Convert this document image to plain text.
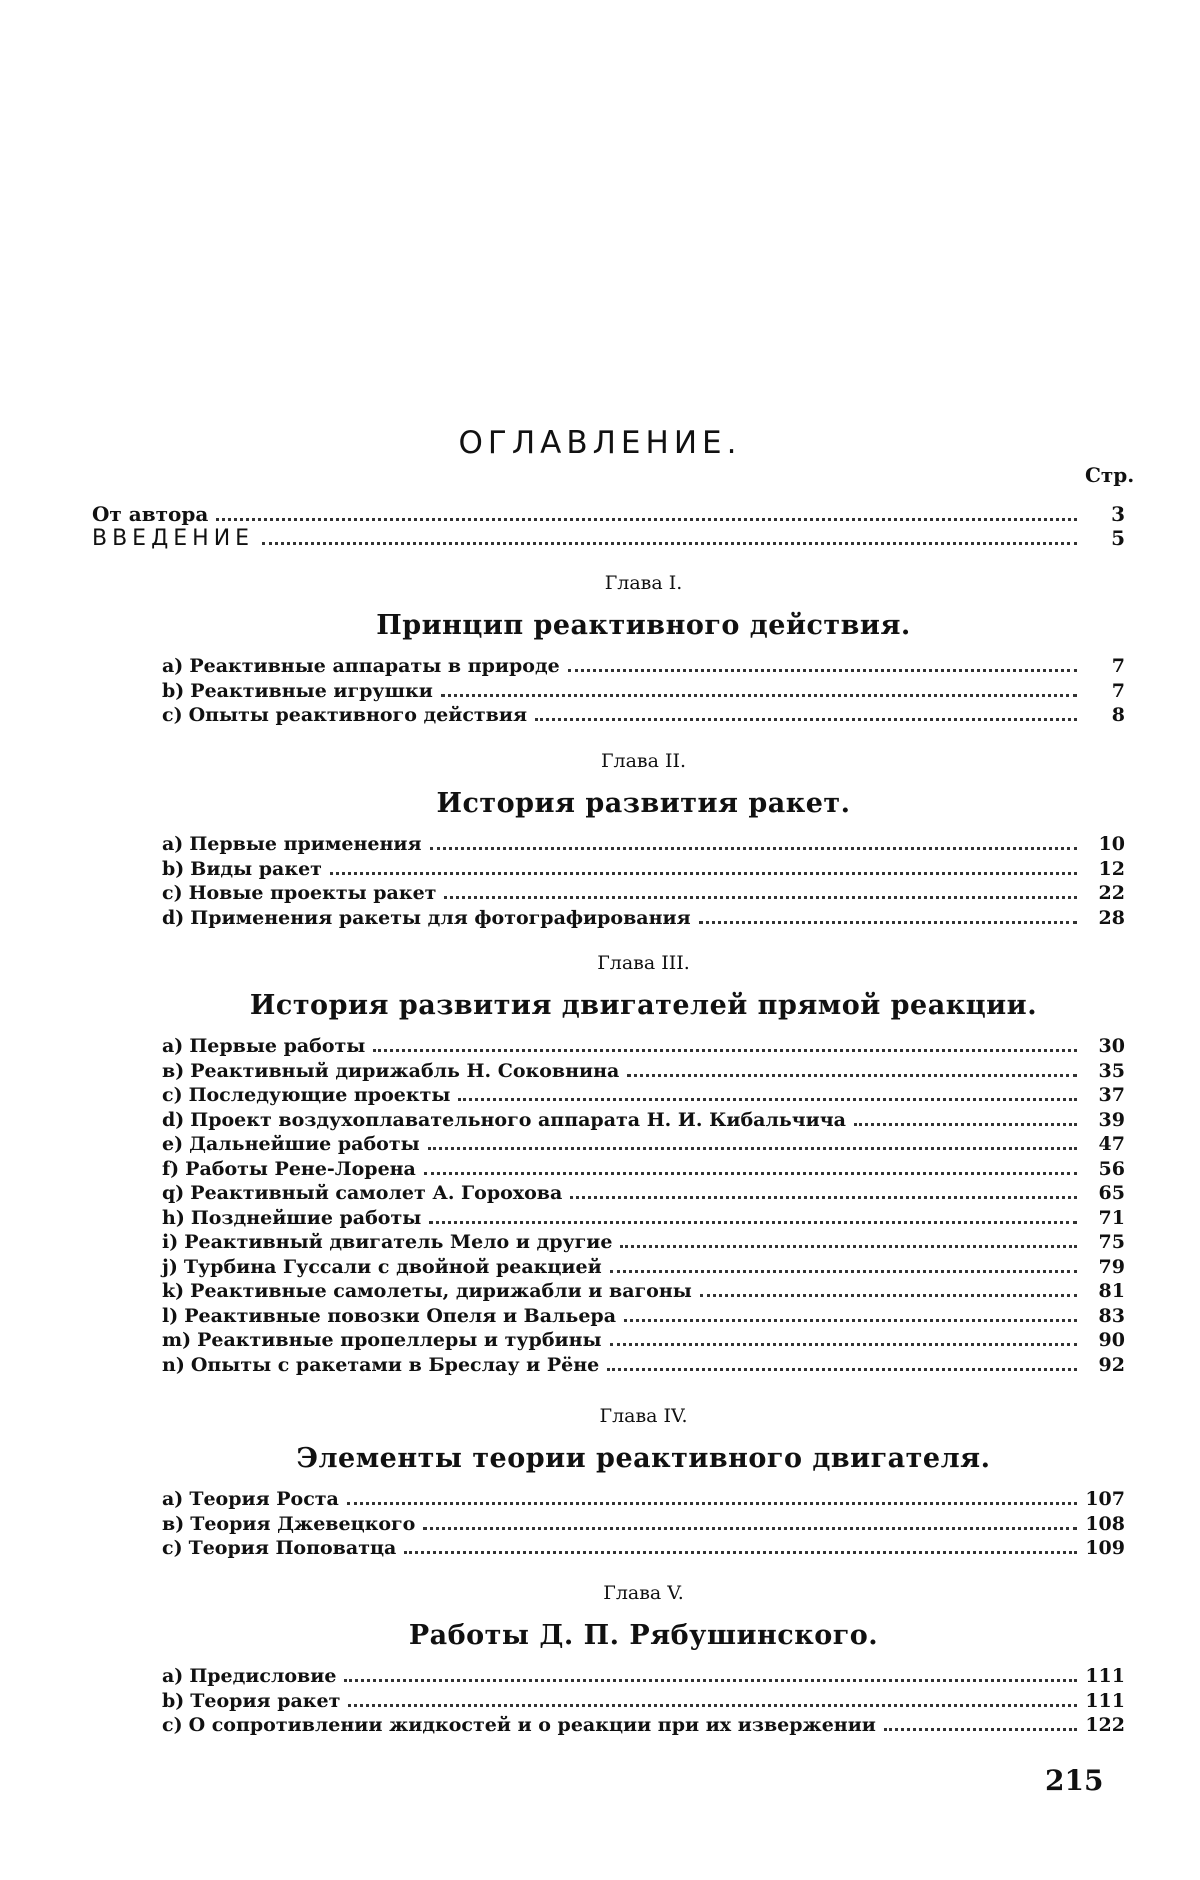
ОГЛАВЛЕНИЕ.
Стр.
От автора	3
ВВЕДЕНИЕ	5
Глава I.
Принцип реактивного действия.
a) Реактивные аппараты в природе	7
b) Реактивные игрушки	7
c) Опыты реактивного действия	8
Глава II.
История развития ракет.
a) Первые применения	10
b) Виды ракет	12
c) Новые проекты ракет	22
d) Применения ракеты для фотографирования	28
Глава III.
История развития двигателей прямой реакции.
a) Первые работы	30
в) Реактивный дирижабль Н. Соковнина	35
c) Последующие проекты	37
d) Проект воздухоплавательного аппарата Н. И. Кибальчича	39
e) Дальнейшие работы	47
f) Работы Рене-Лорена	56
q) Реактивный самолет А. Горохова	65
h) Позднейшие работы	71
i) Реактивный двигатель Мело и другие	75
j) Турбина Гуссали с двойной реакцией	79
k) Реактивные самолеты, дирижабли и вагоны	81
l) Реактивные повозки Опеля и Вальера	83
m) Реактивные пропеллеры и турбины	90
n) Опыты с ракетами в Бреслау и Рёне	92
Глава IV.
Элементы теории реактивного двигателя.
a) Теория Роста	107
в) Теория Джевецкого	108
c) Теория Поповатца	109
Глава V.
Работы Д. П. Рябушинского.
a) Предисловие	111
b) Теория ракет	111
c) О сопротивлении жидкостей и о реакции при их извержении	122
215
